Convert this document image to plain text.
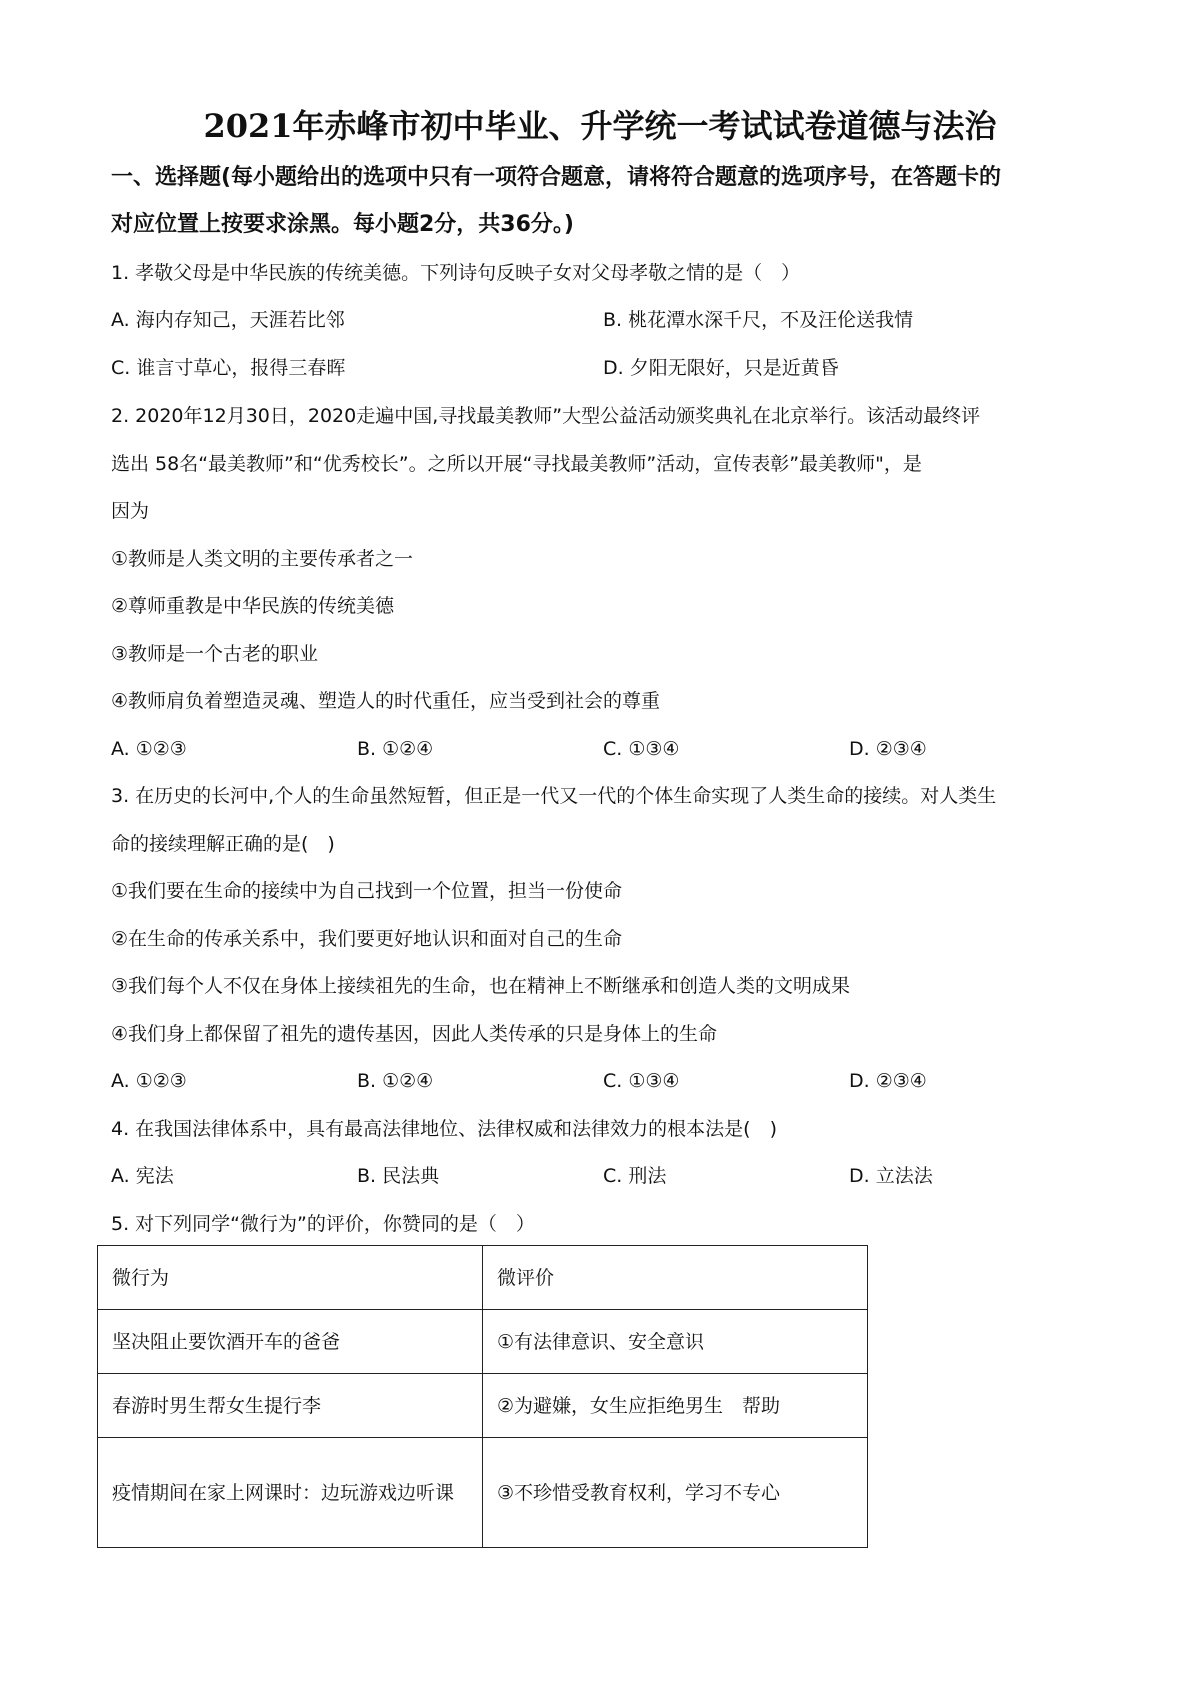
2021年赤峰市初中毕业、升学统一考试试卷道德与法治
一、选择题(每小题给出的选项中只有一项符合题意，请将符合题意的选项序号，在答题卡的
对应位置上按要求涂黑。每小题2分，共36分。)
1. 孝敬父母是中华民族的传统美德。下列诗句反映子女对父母孝敬之情的是（　）
A. 海内存知己，天涯若比邻	B. 桃花潭水深千尺，不及汪伦送我情
C. 谁言寸草心，报得三春晖	D. 夕阳无限好，只是近黄昏
2. 2020年12月30日，2020走遍中国,寻找最美教师”大型公益活动颁奖典礼在北京举行。该活动最终评
选出 58名“最美教师”和“优秀校长”。之所以开展“寻找最美教师”活动，宣传表彰”最美教师"，是
因为
①教师是人类文明的主要传承者之一
②尊师重教是中华民族的传统美德
③教师是一个古老的职业
④教师肩负着塑造灵魂、塑造人的时代重任，应当受到社会的尊重
A. ①②③	B. ①②④	C. ①③④	D. ②③④
3. 在历史的长河中,个人的生命虽然短暂，但正是一代又一代的个体生命实现了人类生命的接续。对人类生
命的接续理解正确的是(　)
①我们要在生命的接续中为自己找到一个位置，担当一份使命
②在生命的传承关系中，我们要更好地认识和面对自己的生命
③我们每个人不仅在身体上接续祖先的生命，也在精神上不断继承和创造人类的文明成果
④我们身上都保留了祖先的遗传基因，因此人类传承的只是身体上的生命
A. ①②③	B. ①②④	C. ①③④	D. ②③④
4. 在我国法律体系中，具有最高法律地位、法律权威和法律效力的根本法是(　)
A. 宪法	B. 民法典	C. 刑法	D. 立法法
5. 对下列同学“微行为”的评价，你赞同的是（　）
微行为	微评价
坚决阻止要饮酒开车的爸爸	①有法律意识、安全意识
春游时男生帮女生提行李	②为避嫌，女生应拒绝男生　帮助
疫情期间在家上网课时：边玩游戏边听课	③不珍惜受教育权利，学习不专心
